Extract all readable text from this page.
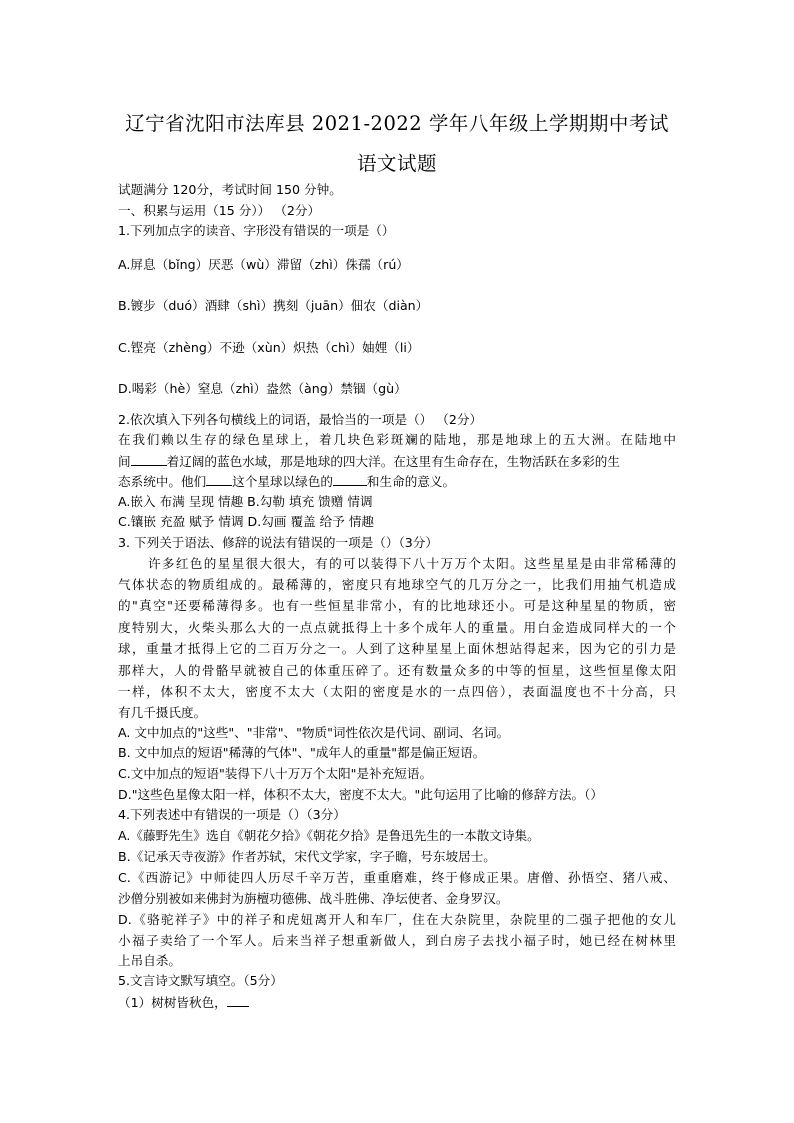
辽宁省沈阳市法库县 2021-2022 学年八年级上学期期中考试
语文试题
试题满分 120分，考试时间 150 分钟。
一、积累与运用（15 分）） （2分）
1.下列加点字的读音、字形没有错误的一项是（）
A.屏息（bǐng）厌恶（wù）滞留（zhì）侏孺（rú）
B.镀步（duó）酒肆（shì）携刻（juān）佃农（diàn）
C.铿亮（zhèng）不逊（xùn）炽热（chì）妯娌（li）
D.喝彩（hè）窒息（zhì）盎然（àng）禁锢（gù）
2.依次填入下列各句横线上的词语，最恰当的一项是（） （2分）
在我们赖以生存的绿色星球上，着几块色彩斑斓的陆地，那是地球上的五大洲。在陆地中
间	着辽阔的蓝色水域，那是地球的四大洋。在这里有生命存在，生物活跃在多彩的生
态系统中。他们 这个星球以绿色的	和生命的意义。
A.嵌入 布满 呈现 情趣 B.勾勒 填充 馈赠 情调
C.镶嵌 充盈 赋予 情调 D.勾画 覆盖 给予 情趣
3. 下列关于语法、修辞的说法有错误的一项是（）（3分）
许多红色的星星很大很大，有的可以装得下八十万万个太阳。这些星星是由非常稀薄的
气体状态的物质组成的。最稀薄的，密度只有地球空气的几万分之一，比我们用抽气机造成
的"真空"还要稀薄得多。也有一些恒星非常小，有的比地球还小。可是这种星星的物质，密
度特别大，火柴头那么大的一点点就抵得上十多个成年人的重量。用白金造成同样大的一个
球，重量才抵得上它的二百万分之一。人到了这种星星上面休想站得起来，因为它的引力是
那样大，人的骨骼早就被自己的体重压碎了。还有数量众多的中等的恒星，这些恒星像太阳
一样，体积不太大，密度不太大（太阳的密度是水的一点四倍），表面温度也不十分高，只
有几千摄氏度。
A. 文中加点的"这些"、"非常"、"物质"词性依次是代词、副词、名词。
B. 文中加点的短语"稀薄的气体"、"成年人的重量"都是偏正短语。
C.文中加点的短语"装得下八十万万个太阳"是补充短语。
D."这些色星像太阳一样，体积不太大，密度不太大。"此句运用了比喻的修辞方法。（）
4.下列表述中有错误的一项是（）（3分）
A.《藤野先生》选自《朝花夕拾》《朝花夕拾》是鲁迅先生的一本散文诗集。
B.《记承天寺夜游》作者苏轼，宋代文学家，字子瞻，号东坡居士。
C.《西游记》中师徒四人历尽千辛万苦，重重磨难，终于修成正果。唐僧、孙悟空、猪八戒、
沙僧分别被如来佛封为旃檀功德佛、战斗胜佛、净坛使者、金身罗汉。
D.《骆驼祥子》中的祥子和虎妞离开人和车厂，住在大杂院里，杂院里的二强子把他的女儿
小福子卖给了一个军人。后来当祥子想重新做人，到白房子去找小福子时，她已经在树林里
上吊自杀。
5.文言诗文默写填空。（5分）
（1）树树皆秋色，
